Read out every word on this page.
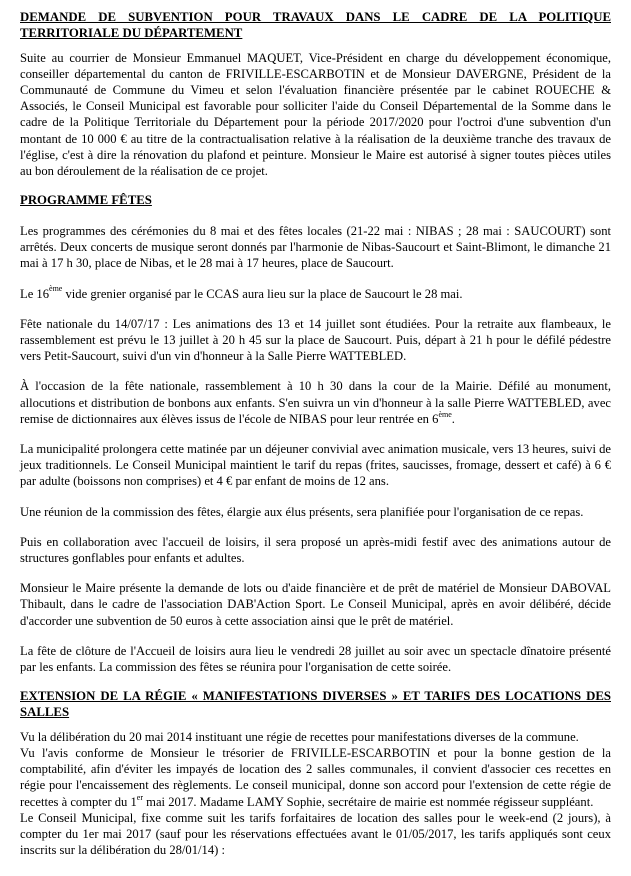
DEMANDE DE SUBVENTION POUR TRAVAUX DANS LE CADRE DE LA POLITIQUE TERRITORIALE DU DÉPARTEMENT

Suite au courrier de Monsieur Emmanuel MAQUET, Vice-Président en charge du développement économique, conseiller départemental du canton de FRIVILLE-ESCARBOTIN et de Monsieur DAVERGNE, Président de la Communauté de Commune du Vimeu et selon l'évaluation financière présentée par le cabinet ROUECHE & Associés, le Conseil Municipal est favorable pour solliciter l'aide du Conseil Départemental de la Somme dans le cadre de la Politique Territoriale du Département pour la période 2017/2020 pour l'octroi d'une subvention d'un montant de 10 000 € au titre de la contractualisation relative à la réalisation de la deuxième tranche des travaux de l'église, c'est à dire la rénovation du plafond et peinture. Monsieur le Maire est autorisé à signer toutes pièces utiles au bon déroulement de la réalisation de ce projet.

PROGRAMME FÊTES

Les programmes des cérémonies du 8 mai et des fêtes locales (21-22 mai : NIBAS ; 28 mai : SAUCOURT) sont arrêtés. Deux concerts de musique seront donnés par l'harmonie de Nibas-Saucourt et Saint-Blimont, le dimanche 21 mai à 17 h 30, place de Nibas, et le 28 mai à 17 heures, place de Saucourt.

Le 16ème vide grenier organisé par le CCAS aura lieu sur la place de Saucourt le 28 mai.

Fête nationale du 14/07/17 : Les animations des 13 et 14 juillet sont étudiées. Pour la retraite aux flambeaux, le rassemblement est prévu le 13 juillet à 20 h 45 sur la place de Saucourt. Puis, départ à 21 h pour le défilé pédestre vers Petit-Saucourt, suivi d'un vin d'honneur à la Salle Pierre WATTEBLED.

À l'occasion de la fête nationale, rassemblement à 10 h 30 dans la cour de la Mairie. Défilé au monument, allocutions et distribution de bonbons aux enfants. S'en suivra un vin d'honneur à la salle Pierre WATTEBLED, avec remise de dictionnaires aux élèves issus de l'école de NIBAS pour leur rentrée en 6ème.

La municipalité prolongera cette matinée par un déjeuner convivial avec animation musicale, vers 13 heures, suivi de jeux traditionnels. Le Conseil Municipal maintient le tarif du repas (frites, saucisses, fromage, dessert et café) à 6 € par adulte (boissons non comprises) et 4 € par enfant de moins de 12 ans.

Une réunion de la commission des fêtes, élargie aux élus présents, sera planifiée pour l'organisation de ce repas.

Puis en collaboration avec l'accueil de loisirs, il sera proposé un après-midi festif avec des animations autour de structures gonflables pour enfants et adultes.

Monsieur le Maire présente la demande de lots ou d'aide financière et de prêt de matériel de Monsieur DABOVAL Thibault, dans le cadre de l'association DAB'Action Sport. Le Conseil Municipal, après en avoir délibéré, décide d'accorder une subvention de 50 euros à cette association ainsi que le prêt de matériel.

La fête de clôture de l'Accueil de loisirs aura lieu le vendredi 28 juillet au soir avec un spectacle dînatoire présenté par les enfants. La commission des fêtes se réunira pour l'organisation de cette soirée.

EXTENSION DE LA RÉGIE « MANIFESTATIONS DIVERSES » ET TARIFS DES LOCATIONS DES SALLES

Vu la délibération du 20 mai 2014 instituant une régie de recettes pour manifestations diverses de la commune.

Vu l'avis conforme de Monsieur le trésorier de FRIVILLE-ESCARBOTIN et pour la bonne gestion de la comptabilité, afin d'éviter les impayés de location des 2 salles communales, il convient d'associer ces recettes en régie pour l'encaissement des règlements. Le conseil municipal, donne son accord pour l'extension de cette régie de recettes à compter du 1er mai 2017. Madame LAMY Sophie, secrétaire de mairie est nommée régisseur suppléant.

Le Conseil Municipal, fixe comme suit les tarifs forfaitaires de location des salles pour le week-end (2 jours), à compter du 1er mai 2017 (sauf pour les réservations effectuées avant le 01/05/2017, les tarifs appliqués sont ceux inscrits sur la délibération du 28/01/14) :
